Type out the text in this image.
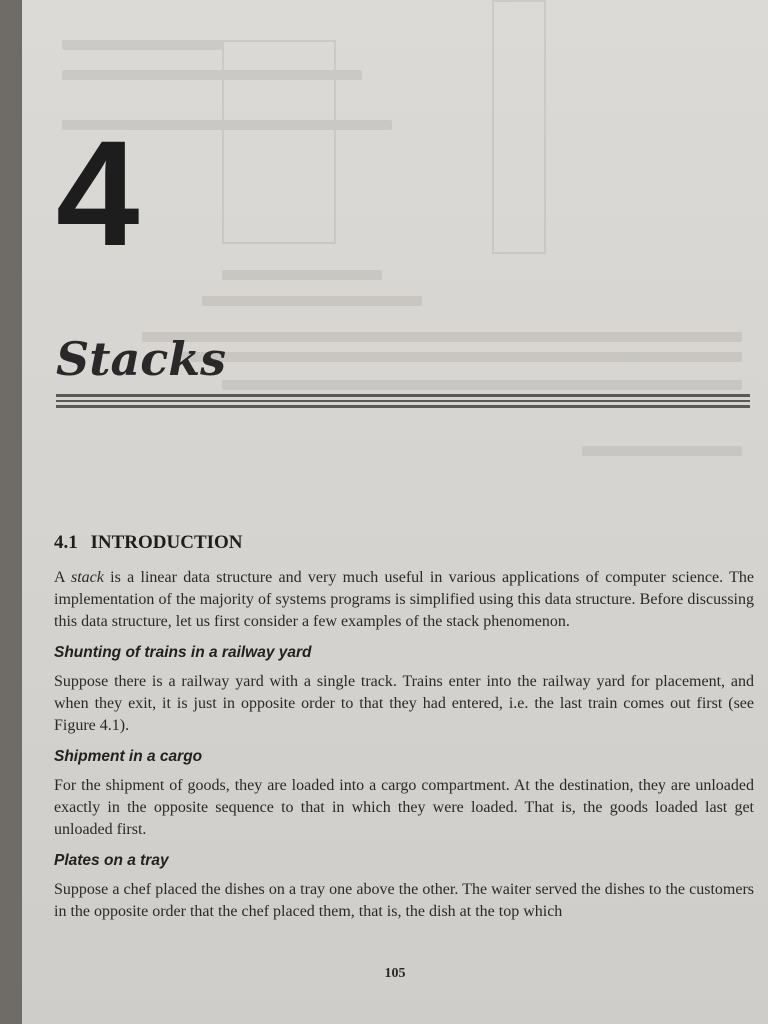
4
Stacks
4.1 INTRODUCTION

A stack is a linear data structure and very much useful in various applications of computer science. The implementation of the majority of systems programs is simplified using this data structure. Before discussing this data structure, let us first consider a few examples of the stack phenomenon.

Shunting of trains in a railway yard

Suppose there is a railway yard with a single track. Trains enter into the railway yard for placement, and when they exit, it is just in opposite order to that they had entered, i.e. the last train comes out first (see Figure 4.1).

Shipment in a cargo

For the shipment of goods, they are loaded into a cargo compartment. At the destination, they are unloaded exactly in the opposite sequence to that in which they were loaded. That is, the goods loaded last get unloaded first.

Plates on a tray

Suppose a chef placed the dishes on a tray one above the other. The waiter served the dishes to the customers in the opposite order that the chef placed them, that is, the dish at the top which

105
